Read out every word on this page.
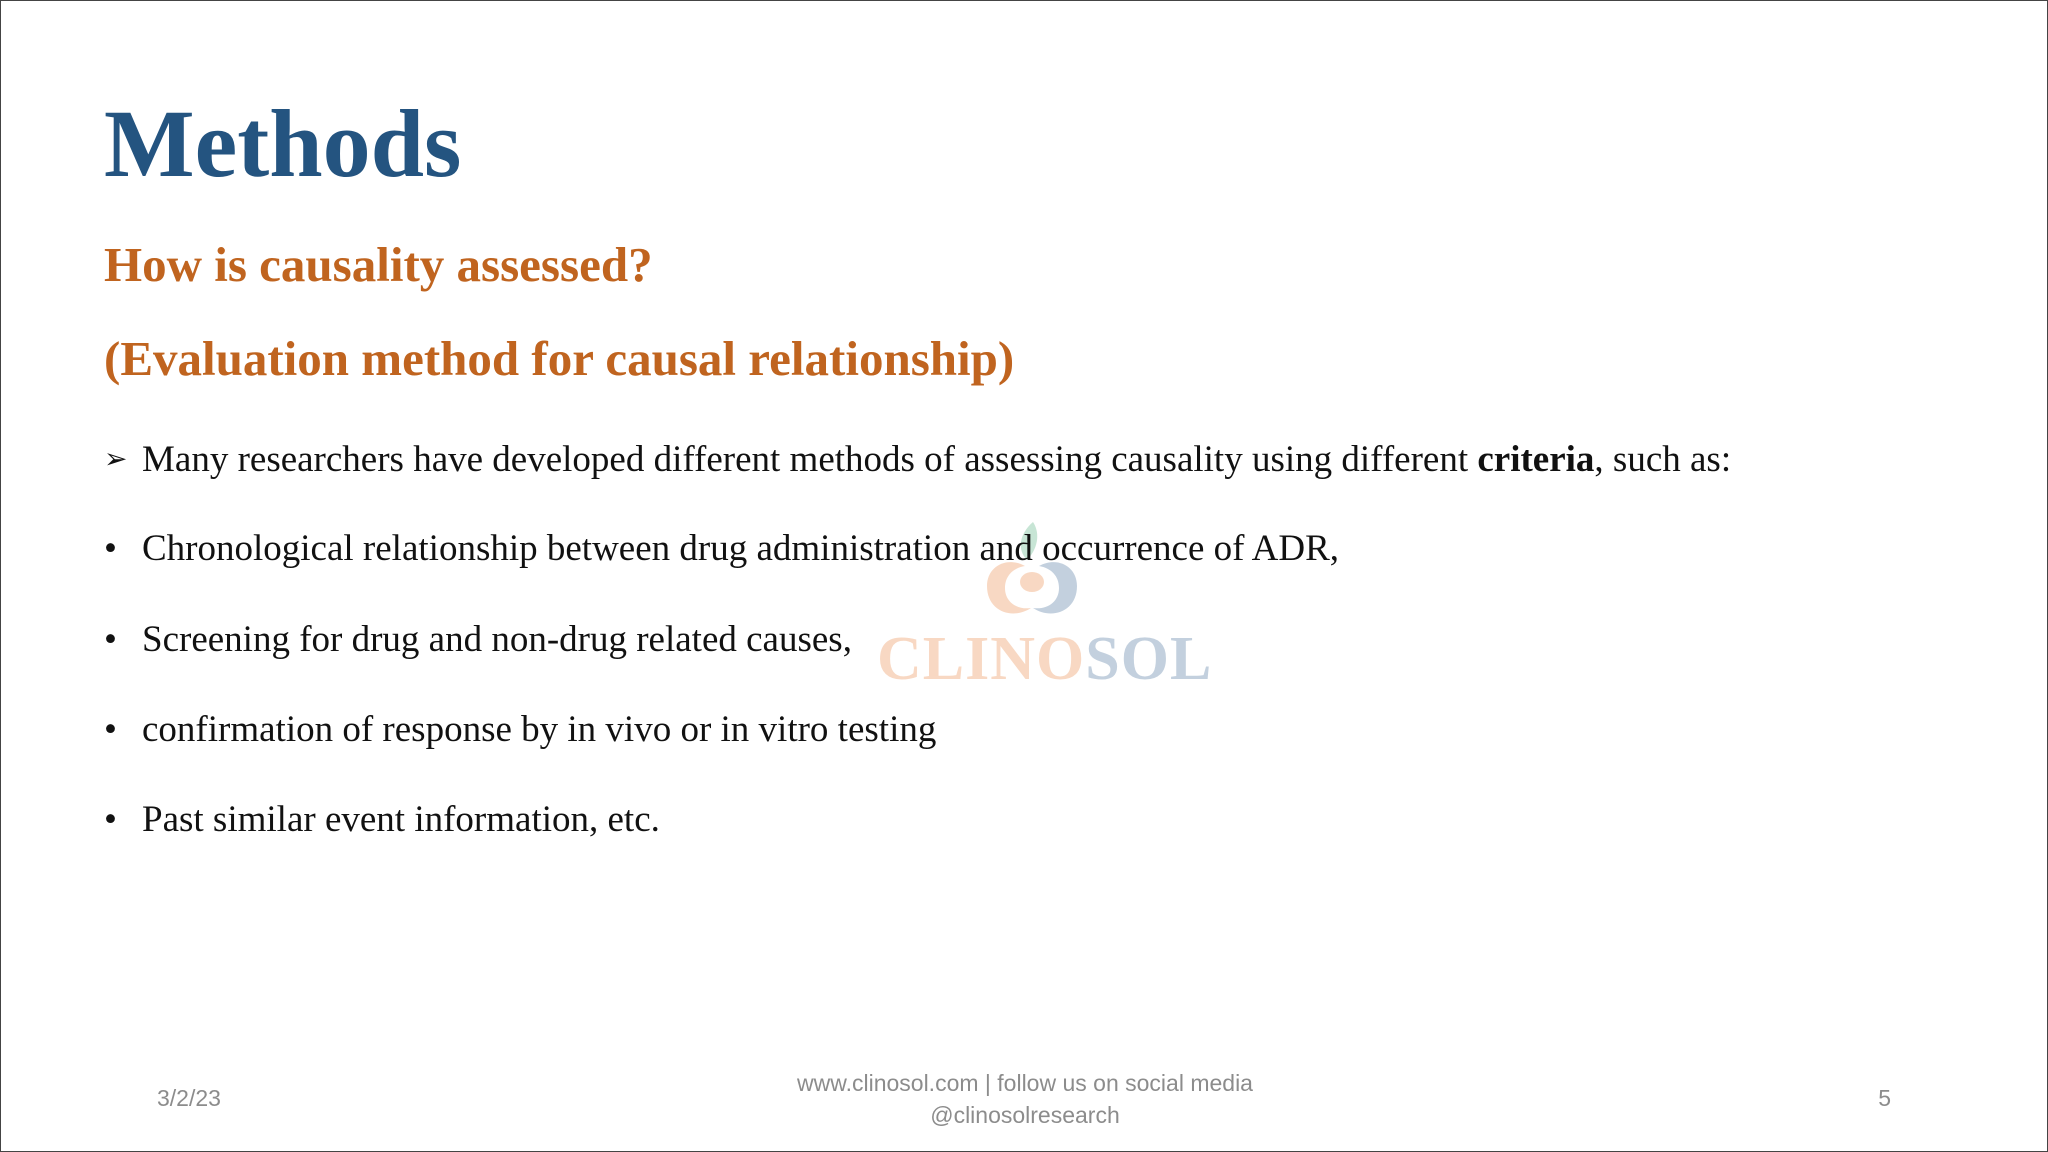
Methods
How is causality assessed?
(Evaluation method for causal relationship)
CLINOSOL
➢ Many researchers have developed different methods of assessing causality using different criteria, such as:
• Chronological relationship between drug administration and occurrence of ADR,
• Screening for drug and non-drug related causes,
• confirmation of response by in vivo or in vitro testing
• Past similar event information, etc.
3/2/23
www.clinosol.com | follow us on social media
@clinosolresearch
5
